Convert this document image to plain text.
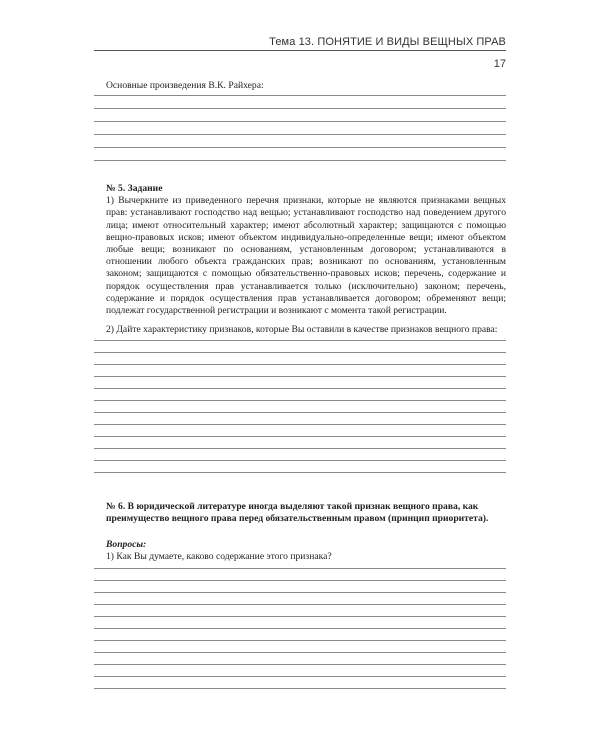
Тема 13. ПОНЯТИЕ И ВИДЫ ВЕЩНЫХ ПРАВ
17
Основные произведения В.К. Райхера:
№ 5. Задание
1) Вычеркните из приведенного перечня признаки, которые не являются признаками вещных прав: устанавливают господство над вещью; устанавливают господство над поведением другого лица; имеют относительный характер; имеют абсолютный характер; защищаются с помощью вещно-правовых исков; имеют объектом индивидуально-определенные вещи; имеют объектом любые вещи; возникают по основаниям, установленным договором; устанавливаются в отношении любого объекта гражданских прав; возникают по основаниям, установленным законом; защищаются с помощью обязательственно-правовых исков; перечень, содержание и порядок осуществления прав устанавливается только (исключительно) законом; перечень, содержание и порядок осуществления прав устанавливается договором; обременяют вещи; подлежат государственной регистрации и возникают с момента такой регистрации.
2) Дайте характеристику признаков, которые Вы оставили в качестве признаков вещного права:
№ 6. В юридической литературе иногда выделяют такой признак вещного права, как преимущество вещного права перед обязательственным правом (принцип приоритета).
Вопросы:
1) Как Вы думаете, каково содержание этого признака?
